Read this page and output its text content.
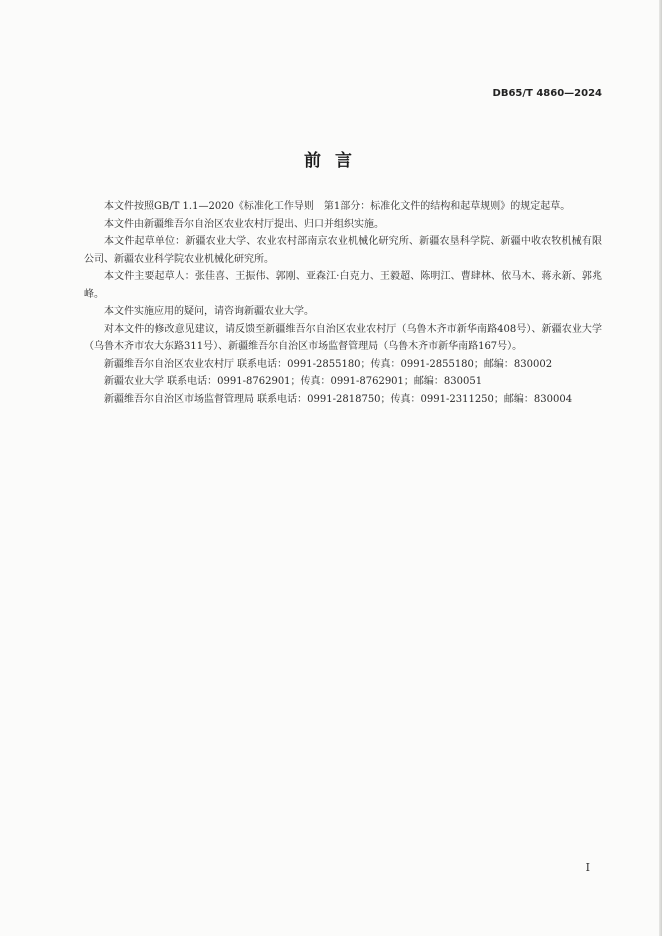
DB65/T 4860—2024
前言

本文件按照GB/T 1.1—2020《标准化工作导则　第1部分：标准化文件的结构和起草规则》的规定起草。

本文件由新疆维吾尔自治区农业农村厅提出、归口并组织实施。

本文件起草单位：新疆农业大学、农业农村部南京农业机械化研究所、新疆农垦科学院、新疆中收农牧机械有限公司、新疆农业科学院农业机械化研究所。

本文件主要起草人：张佳喜、王振伟、郭刚、亚森江·白克力、王毅超、陈明江、曹肆林、依马木、蒋永新、郭兆峰。

本文件实施应用的疑问，请咨询新疆农业大学。

对本文件的修改意见建议，请反馈至新疆维吾尔自治区农业农村厅（乌鲁木齐市新华南路408号）、新疆农业大学（乌鲁木齐市农大东路311号）、新疆维吾尔自治区市场监督管理局（乌鲁木齐市新华南路167号）。

新疆维吾尔自治区农业农村厅 联系电话：0991-2855180；传真：0991-2855180；邮编：830002

新疆农业大学 联系电话：0991-8762901；传真：0991-8762901；邮编：830051

新疆维吾尔自治区市场监督管理局 联系电话：0991-2818750；传真：0991-2311250；邮编：830004

I
